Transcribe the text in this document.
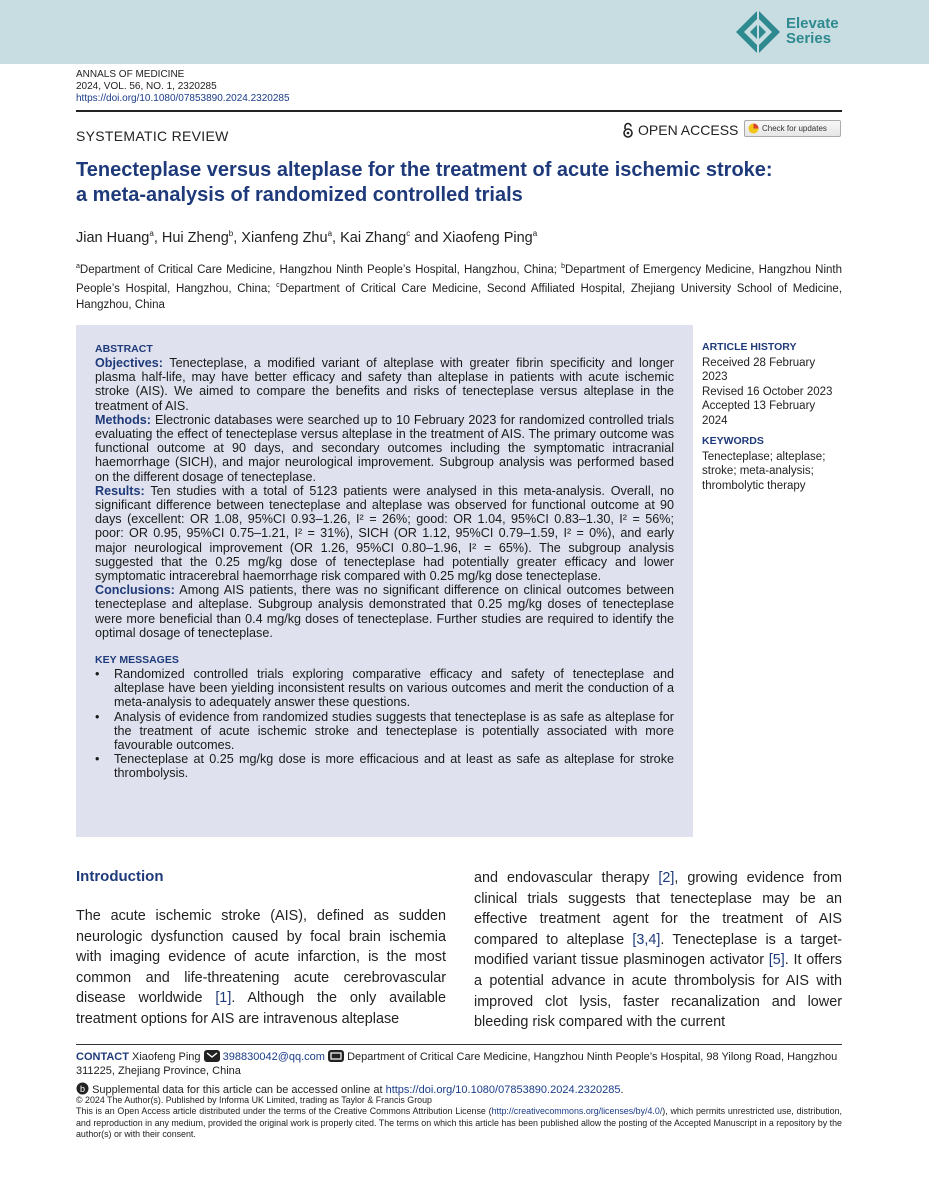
Elevate
Series
ANNALS OF MEDICINE
2024, VOL. 56, NO. 1, 2320285
https://doi.org/10.1080/07853890.2024.2320285
SYSTEMATIC REVIEW	OPEN ACCESS	Check for updates
Tenecteplase versus alteplase for the treatment of acute ischemic stroke:
a meta-analysis of randomized controlled trials
Jian Huang$^a$, Hui Zheng$^b$, Xianfeng Zhu$^a$, Kai Zhang$^c$ and Xiaofeng Ping$^a$
$^a$Department of Critical Care Medicine, Hangzhou Ninth People’s Hospital, Hangzhou, China; $^b$Department of Emergency Medicine, Hangzhou Ninth People’s Hospital, Hangzhou, China; $^c$Department of Critical Care Medicine, Second Affiliated Hospital, Zhejiang University School of Medicine, Hangzhou, China
ABSTRACT

Objectives: Tenecteplase, a modified variant of alteplase with greater fibrin specificity and longer plasma half-life, may have better efficacy and safety than alteplase in patients with acute ischemic stroke (AIS). We aimed to compare the benefits and risks of tenecteplase versus alteplase in the treatment of AIS.

Methods: Electronic databases were searched up to 10 February 2023 for randomized controlled trials evaluating the effect of tenecteplase versus alteplase in the treatment of AIS. The primary outcome was functional outcome at 90 days, and secondary outcomes including the symptomatic intracranial haemorrhage (SICH), and major neurological improvement. Subgroup analysis was performed based on the different dosage of tenecteplase.

Results: Ten studies with a total of 5123 patients were analysed in this meta-analysis. Overall, no significant difference between tenecteplase and alteplase was observed for functional outcome at 90 days (excellent: OR 1.08, 95%CI 0.93–1.26, I² = 26%; good: OR 1.04, 95%CI 0.83–1.30, I² = 56%; poor: OR 0.95, 95%CI 0.75–1.21, I² = 31%), SICH (OR 1.12, 95%CI 0.79–1.59, I² = 0%), and early major neurological improvement (OR 1.26, 95%CI 0.80–1.96, I² = 65%). The subgroup analysis suggested that the 0.25 mg/kg dose of tenecteplase had potentially greater efficacy and lower symptomatic intracerebral haemorrhage risk compared with 0.25 mg/kg dose tenecteplase.

Conclusions: Among AIS patients, there was no significant difference on clinical outcomes between tenecteplase and alteplase. Subgroup analysis demonstrated that 0.25 mg/kg doses of tenecteplase were more beneficial than 0.4 mg/kg doses of tenecteplase. Further studies are required to identify the optimal dosage of tenecteplase.

KEY MESSAGES
• Randomized controlled trials exploring comparative efficacy and safety of tenecteplase and alteplase have been yielding inconsistent results on various outcomes and merit the conduction of a meta-analysis to adequately answer these questions.
• Analysis of evidence from randomized studies suggests that tenecteplase is as safe as alteplase for the treatment of acute ischemic stroke and tenecteplase is potentially associated with more favourable outcomes.
• Tenecteplase at 0.25 mg/kg dose is more efficacious and at least as safe as alteplase for stroke thrombolysis.
ARTICLE HISTORY
Received 28 February 2023
Revised 16 October 2023
Accepted 13 February 2024
KEYWORDS
Tenecteplase; alteplase; stroke; meta-analysis; thrombolytic therapy
Introduction

The acute ischemic stroke (AIS), defined as sudden neurologic dysfunction caused by focal brain ischemia with imaging evidence of acute infarction, is the most common and life-threatening acute cerebrovascular disease worldwide [1]. Although the only available treatment options for AIS are intravenous alteplase

and endovascular therapy [2], growing evidence from clinical trials suggests that tenecteplase may be an effective treatment agent for the treatment of AIS compared to alteplase [3,4]. Tenecteplase is a target-modified variant tissue plasminogen activator [5]. It offers a potential advance in acute thrombolysis for AIS with improved clot lysis, faster recanalization and lower bleeding risk compared with the current

CONTACT Xiaofeng Ping 398830042@qq.com Department of Critical Care Medicine, Hangzhou Ninth People’s Hospital, 98 Yilong Road, Hangzhou 311225, Zhejiang Province, China
b Supplemental data for this article can be accessed online at https://doi.org/10.1080/07853890.2024.2320285.
© 2024 The Author(s). Published by Informa UK Limited, trading as Taylor & Francis Group
This is an Open Access article distributed under the terms of the Creative Commons Attribution License (http://creativecommons.org/licenses/by/4.0/), which permits unrestricted use, distribution, and reproduction in any medium, provided the original work is properly cited. The terms on which this article has been published allow the posting of the Accepted Manuscript in a repository by the author(s) or with their consent.
